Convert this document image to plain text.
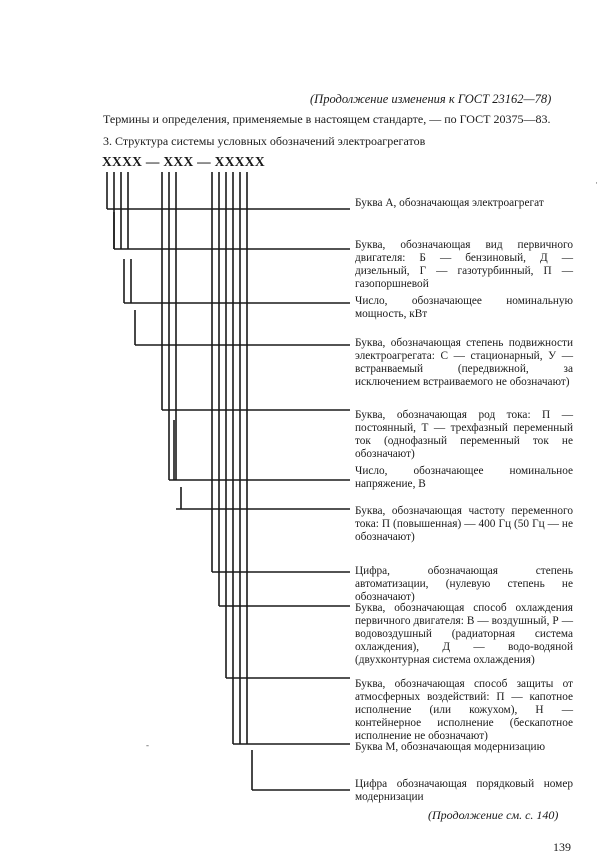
(Продолжение изменения к ГОСТ 23162—78)

Термины и определения, применяемые в настоящем стандарте, — по ГОСТ 20375—83.

3. Структура системы условных обозначений электроагрегатов

ХХХХ — ХХХ — ХХХХХ

Буква А, обозначающая электроагрегат

Буква, обозначающая вид первичного двигателя: Б — бензиновый, Д — дизельный, Г — газотурбинный, П — газопоршневой

Число, обозначающее номинальную мощность, кВт

Буква, обозначающая степень подвижности электроагрегата: С — стационарный, У — встранваемый (передвижной, за исключением встраиваемого не обозначают)

Буква, обозначающая род тока: П — постоянный, Т — трехфазный переменный ток (однофазный переменный ток не обозначают)

Число, обозначающее номинальное напряжение, В

Буква, обозначающая частоту переменного тока: П (повышенная) — 400 Гц (50 Гц — не обозначают)

Цифра, обозначающая степень автоматизации, (нулевую степень не обозначают)

Буква, обозначающая способ охлаждения первичного двигателя: В — воздушный, Р —водовоздушный (радиаторная система охлаждения), Д — водо-водяной (двухконтурная система охлаждения)

Буква, обозначающая способ защиты от атмосферных воздействий: П — капотное исполнение (или кожухом), Н — контейнерное исполнение (бескапотное исполнение не обозначают)

Буква М, обозначающая модернизацию

Цифра обозначающая порядковый номер модернизации

·
-

(Продолжение см. с. 140)

139
